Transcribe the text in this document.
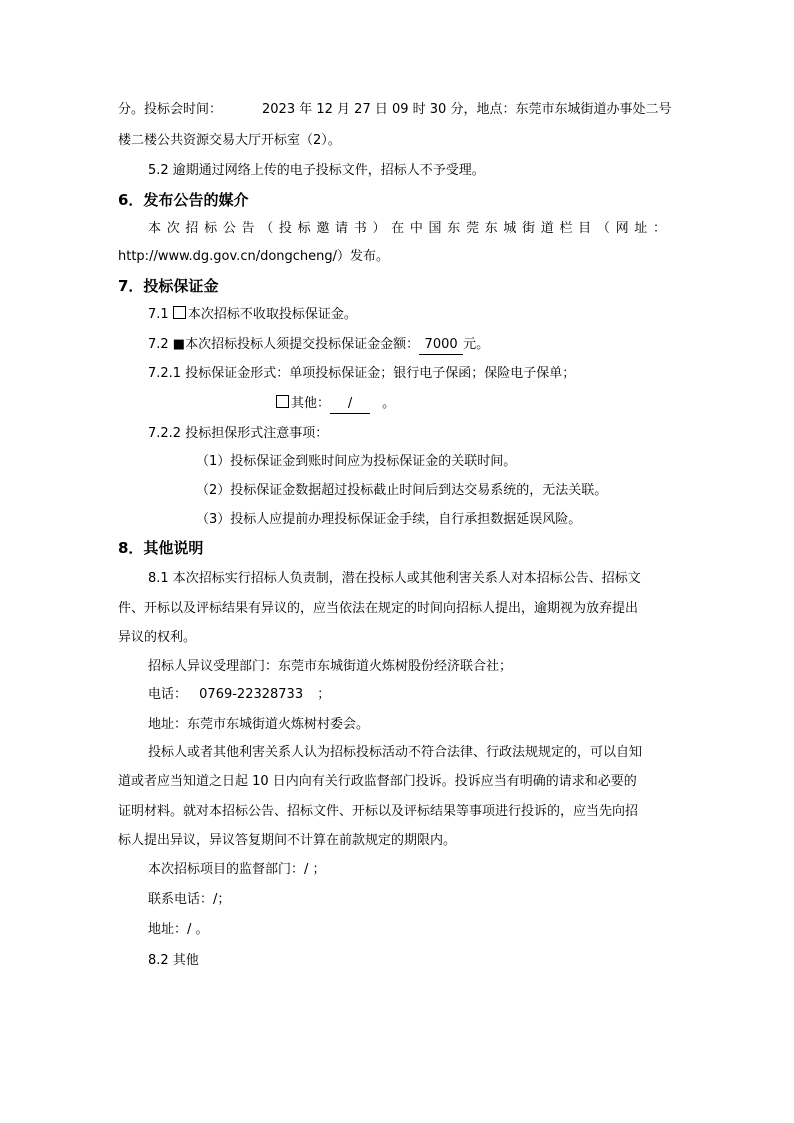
分。投标会时间：	2023 年 12 月 27 日 09 时 30 分，地点：东莞市东城街道办事处二号
楼二楼公共资源交易大厅开标室（2）。
5.2 逾期通过网络上传的电子投标文件，招标人不予受理。
6．发布公告的媒介
本 次 招 标 公 告 （ 投 标 邀 请 书 ） 在 中 国 东 莞 东 城 街 道 栏 目 （ 网 址 ：
http://www.dg.gov.cn/dongcheng/）发布。
7．投标保证金
7.1 本次招标不收取投标保证金。
7.2 ■本次招标投标人须提交投标保证金金额： 7000 元。
7.2.1 投标保证金形式：单项投标保证金；银行电子保函；保险电子保单；
其他： / 。
7.2.2 投标担保形式注意事项：
（1）投标保证金到账时间应为投标保证金的关联时间。
（2）投标保证金数据超过投标截止时间后到达交易系统的，无法关联。
（3）投标人应提前办理投标保证金手续，自行承担数据延误风险。
8．其他说明
8.1 本次招标实行招标人负责制，潜在投标人或其他利害关系人对本招标公告、招标文
件、开标以及评标结果有异议的，应当依法在规定的时间向招标人提出，逾期视为放弃提出
异议的权利。
招标人异议受理部门：东莞市东城街道火炼树股份经济联合社；
电话： 0769-22328733 ；
地址：东莞市东城街道火炼树村委会。
投标人或者其他利害关系人认为招标投标活动不符合法律、行政法规规定的，可以自知
道或者应当知道之日起 10 日内向有关行政监督部门投诉。投诉应当有明确的请求和必要的
证明材料。就对本招标公告、招标文件、开标以及评标结果等事项进行投诉的，应当先向招
标人提出异议，异议答复期间不计算在前款规定的期限内。
本次招标项目的监督部门：/ ；
联系电话：/；
地址：/ 。
8.2 其他
